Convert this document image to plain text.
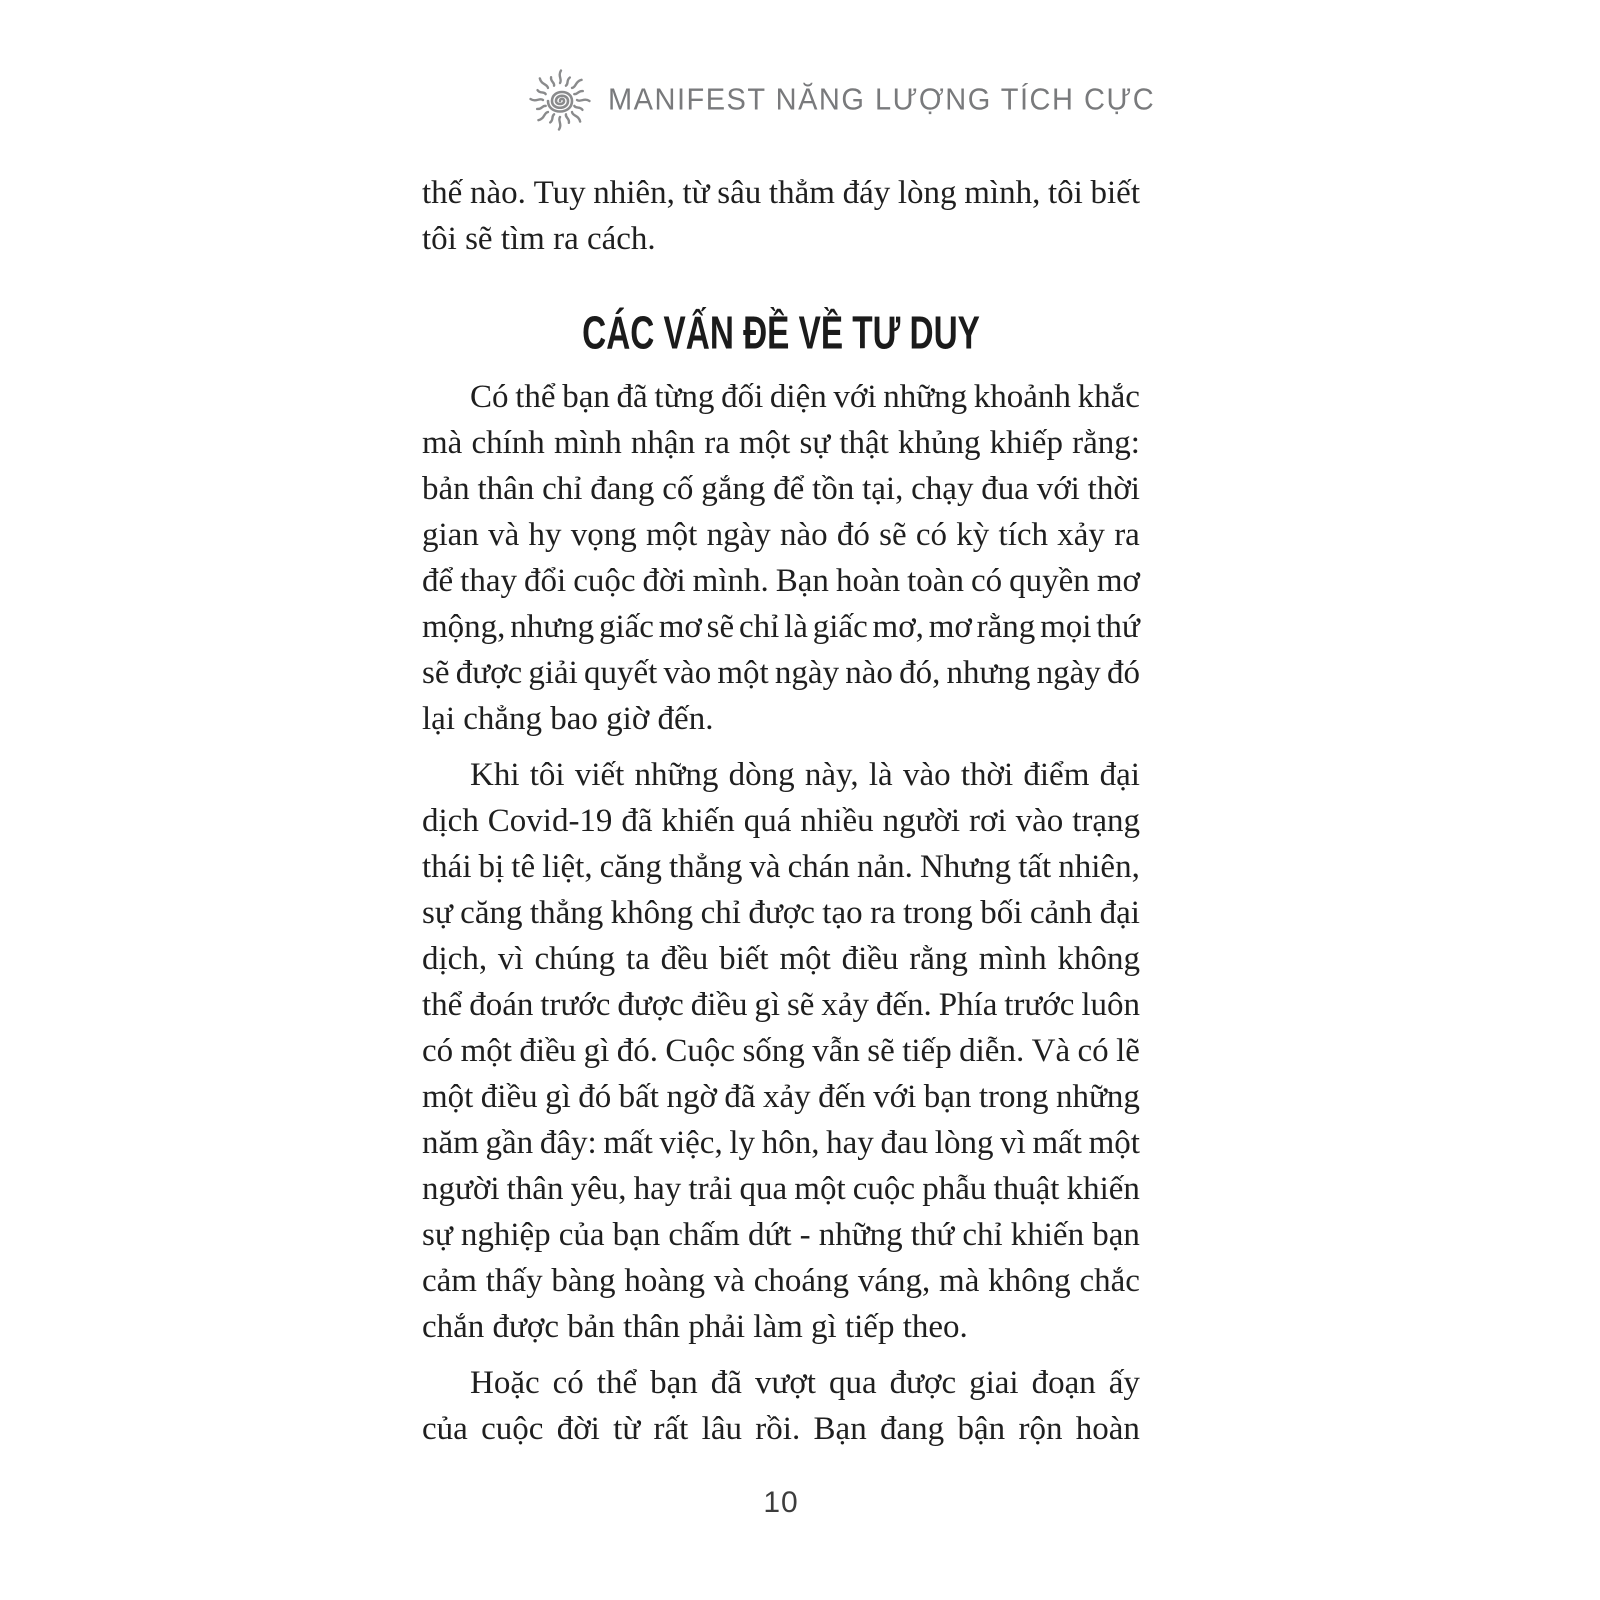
MANIFEST NĂNG LƯỢNG TÍCH CỰC
thế nào. Tuy nhiên, từ sâu thẳm đáy lòng mình, tôi biết
tôi sẽ tìm ra cách.
CÁC VẤN ĐỀ VỀ TƯ DUY
Có thể bạn đã từng đối diện với những khoảnh khắc
mà chính mình nhận ra một sự thật khủng khiếp rằng:
bản thân chỉ đang cố gắng để tồn tại, chạy đua với thời
gian và hy vọng một ngày nào đó sẽ có kỳ tích xảy ra
để thay đổi cuộc đời mình. Bạn hoàn toàn có quyền mơ
mộng, nhưng giấc mơ sẽ chỉ là giấc mơ, mơ rằng mọi thứ
sẽ được giải quyết vào một ngày nào đó, nhưng ngày đó
lại chẳng bao giờ đến.
Khi tôi viết những dòng này, là vào thời điểm đại
dịch Covid-19 đã khiến quá nhiều người rơi vào trạng
thái bị tê liệt, căng thẳng và chán nản. Nhưng tất nhiên,
sự căng thẳng không chỉ được tạo ra trong bối cảnh đại
dịch, vì chúng ta đều biết một điều rằng mình không
thể đoán trước được điều gì sẽ xảy đến. Phía trước luôn
có một điều gì đó. Cuộc sống vẫn sẽ tiếp diễn. Và có lẽ
một điều gì đó bất ngờ đã xảy đến với bạn trong những
năm gần đây: mất việc, ly hôn, hay đau lòng vì mất một
người thân yêu, hay trải qua một cuộc phẫu thuật khiến
sự nghiệp của bạn chấm dứt - những thứ chỉ khiến bạn
cảm thấy bàng hoàng và choáng váng, mà không chắc
chắn được bản thân phải làm gì tiếp theo.
Hoặc có thể bạn đã vượt qua được giai đoạn ấy
của cuộc đời từ rất lâu rồi. Bạn đang bận rộn hoàn
10
